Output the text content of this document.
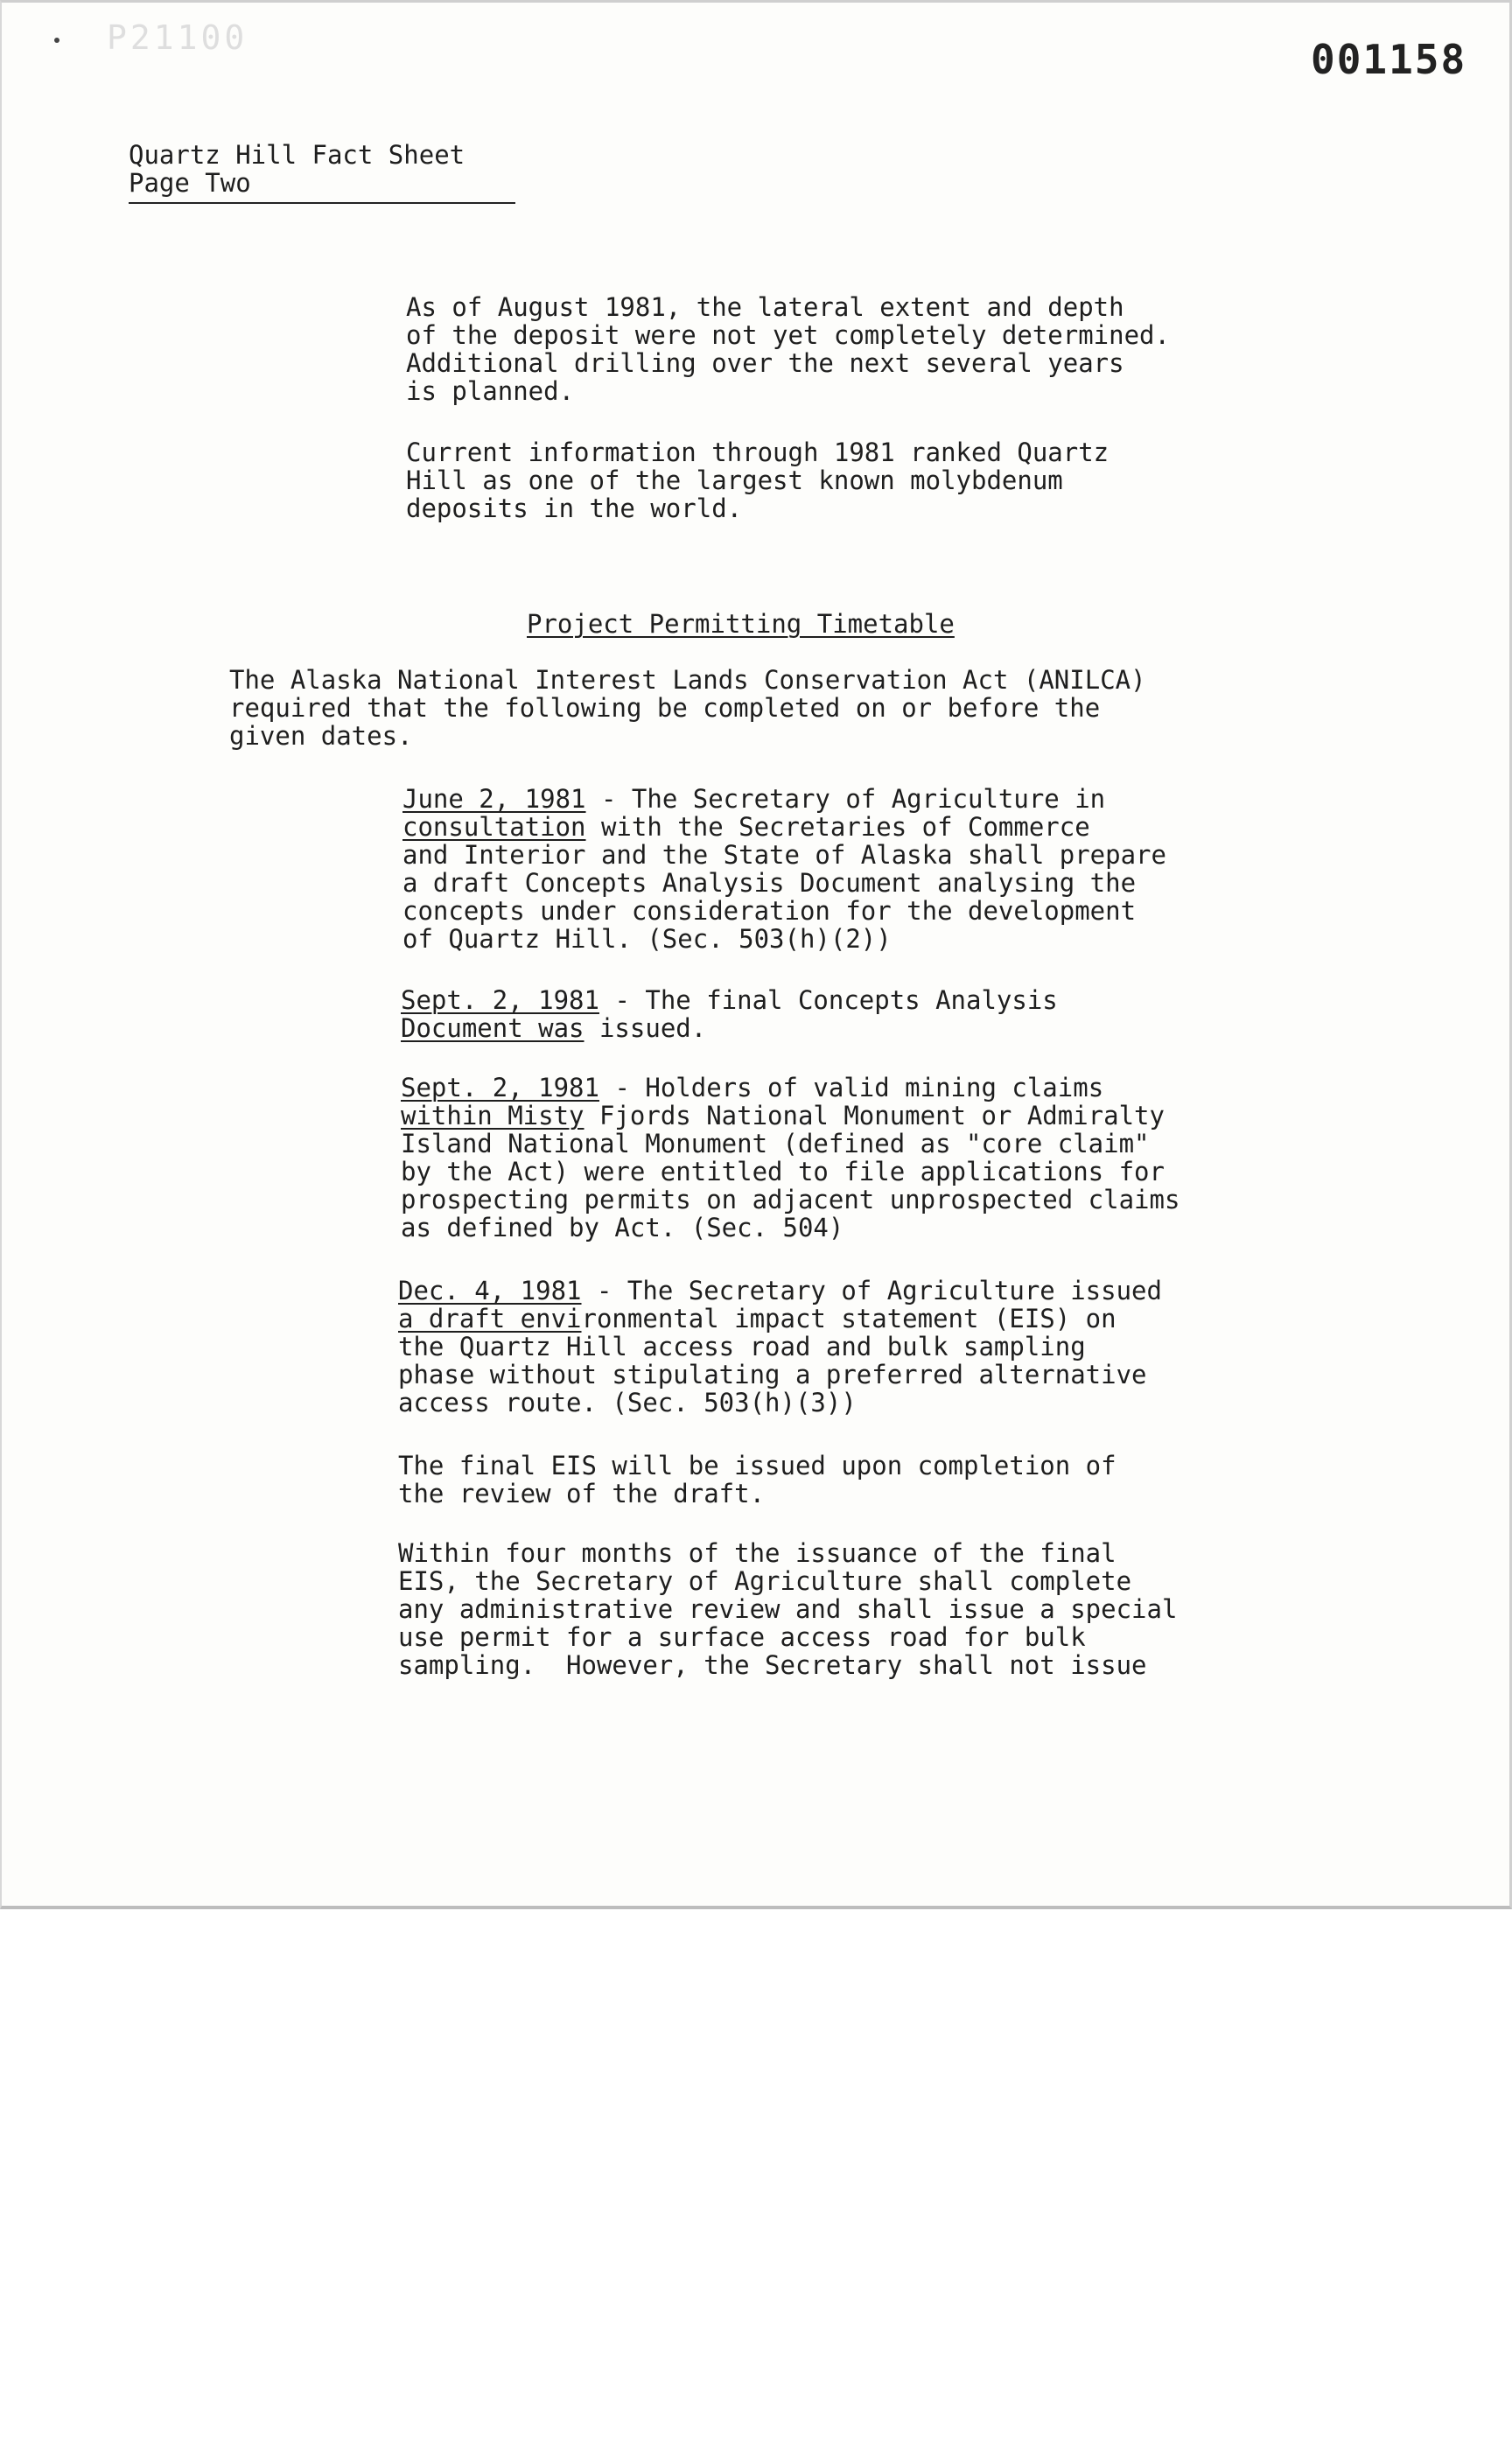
P21100	001158
Quartz Hill Fact Sheet
Page Two
As of August 1981, the lateral extent and depth
of the deposit were not yet completely determined.
Additional drilling over the next several years
is planned.
Current information through 1981 ranked Quartz
Hill as one of the largest known molybdenum
deposits in the world.
Project Permitting Timetable
The Alaska National Interest Lands Conservation Act (ANILCA)
required that the following be completed on or before the
given dates.
June 2, 1981 - The Secretary of Agriculture in
consultation with the Secretaries of Commerce
and Interior and the State of Alaska shall prepare
a draft Concepts Analysis Document analysing the
concepts under consideration for the development
of Quartz Hill. (Sec. 503(h)(2))
Sept. 2, 1981 - The final Concepts Analysis
Document was issued.
Sept. 2, 1981 - Holders of valid mining claims
within Misty Fjords National Monument or Admiralty
Island National Monument (defined as "core claim"
by the Act) were entitled to file applications for
prospecting permits on adjacent unprospected claims
as defined by Act. (Sec. 504)
Dec. 4, 1981 - The Secretary of Agriculture issued
a draft environmental impact statement (EIS) on
the Quartz Hill access road and bulk sampling
phase without stipulating a preferred alternative
access route. (Sec. 503(h)(3))
The final EIS will be issued upon completion of
the review of the draft.
Within four months of the issuance of the final
EIS, the Secretary of Agriculture shall complete
any administrative review and shall issue a special
use permit for a surface access road for bulk
sampling.  However, the Secretary shall not issue
